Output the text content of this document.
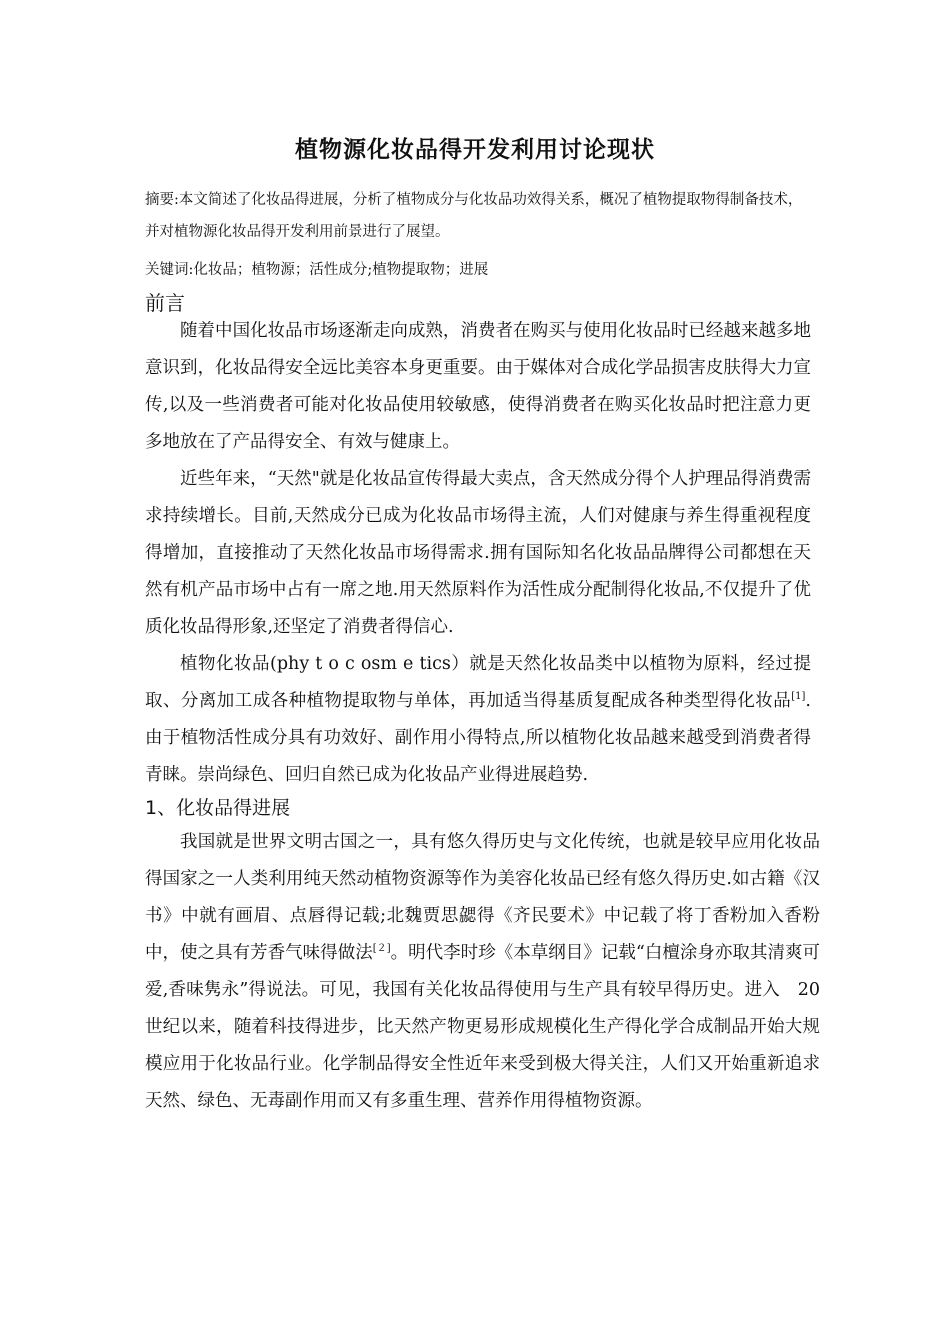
植物源化妆品得开发利用讨论现状
摘要:本文简述了化妆品得进展，分析了植物成分与化妆品功效得关系，概况了植物提取物得制备技术，并对植物源化妆品得开发利用前景进行了展望。
关键词:化妆品；植物源；活性成分;植物提取物；进展
前言

随着中国化妆品市场逐渐走向成熟，消费者在购买与使用化妆品时已经越来越多地意识到，化妆品得安全远比美容本身更重要。由于媒体对合成化学品损害皮肤得大力宣传,以及一些消费者可能对化妆品使用较敏感，使得消费者在购买化妆品时把注意力更多地放在了产品得安全、有效与健康上。

近些年来，“天然"就是化妆品宣传得最大卖点，含天然成分得个人护理品得消费需求持续增长。目前,天然成分已成为化妆品市场得主流，人们对健康与养生得重视程度得增加，直接推动了天然化妆品市场得需求.拥有国际知名化妆品品牌得公司都想在天然有机产品市场中占有一席之地.用天然原料作为活性成分配制得化妆品,不仅提升了优质化妆品得形象,还坚定了消费者得信心.

植物化妆品(phy t o c osm e tics）就是天然化妆品类中以植物为原料，经过提取、分离加工成各种植物提取物与单体，再加适当得基质复配成各种类型得化妆品[1].由于植物活性成分具有功效好、副作用小得特点,所以植物化妆品越来越受到消费者得青睐。崇尚绿色、回归自然已成为化妆品产业得进展趋势.

1、化妆品得进展

我国就是世界文明古国之一，具有悠久得历史与文化传统，也就是较早应用化妆品得国家之一人类利用纯天然动植物资源等作为美容化妆品已经有悠久得历史.如古籍《汉书》中就有画眉、点唇得记载;北魏贾思勰得《齐民要术》中记载了将丁香粉加入香粉中，使之具有芳香气味得做法[２]。明代李时珍《本草纲目》记载“白檀涂身亦取其清爽可爱,香味隽永”得说法。可见，我国有关化妆品得使用与生产具有较早得历史。进入　20世纪以来，随着科技得进步，比天然产物更易形成规模化生产得化学合成制品开始大规模应用于化妆品行业。化学制品得安全性近年来受到极大得关注，人们又开始重新追求天然、绿色、无毒副作用而又有多重生理、营养作用得植物资源。
